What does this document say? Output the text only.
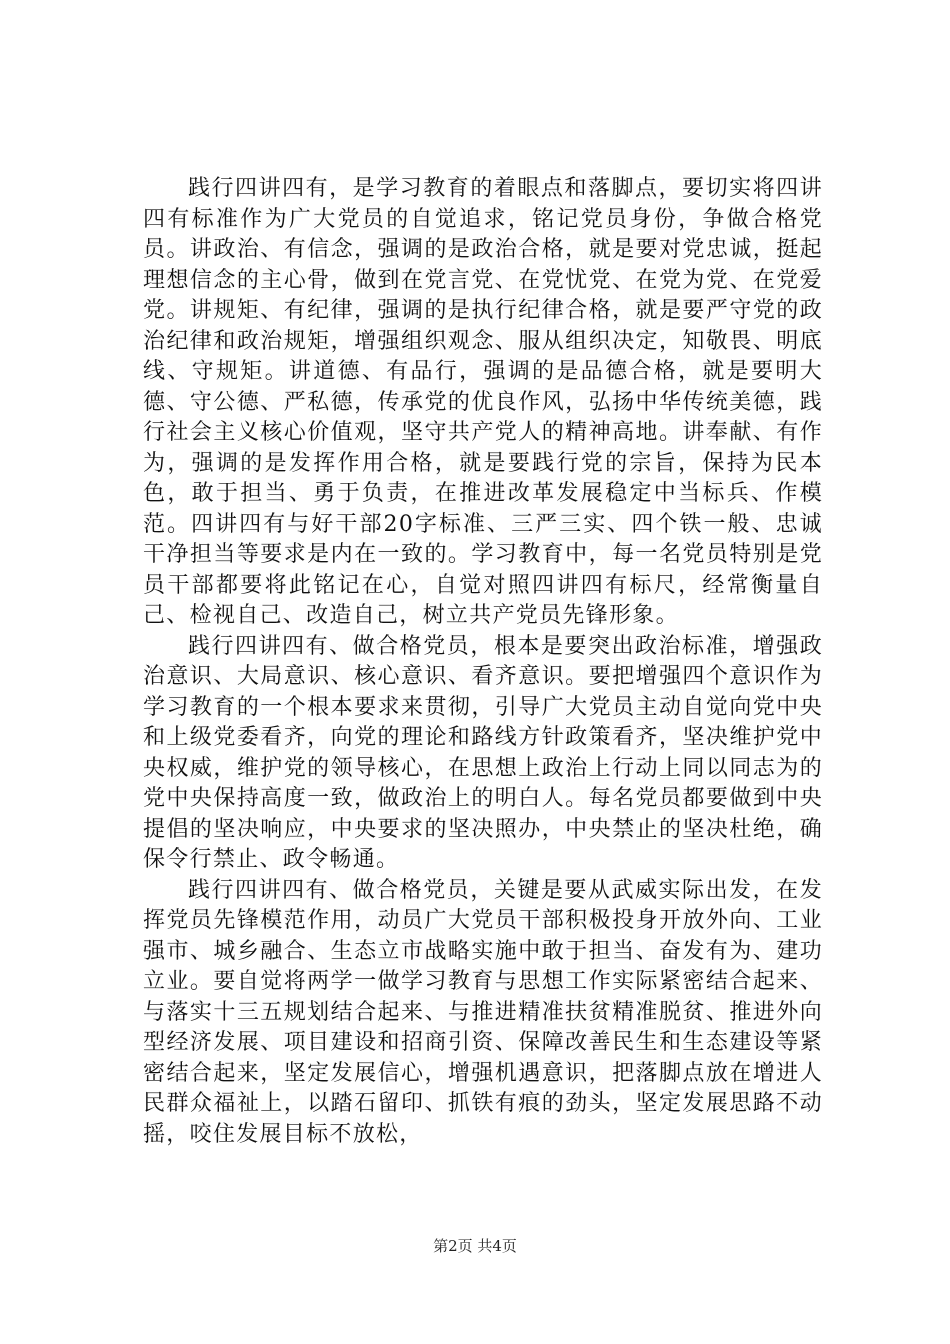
践行四讲四有，是学习教育的着眼点和落脚点，要切实将四讲四有标准作为广大党员的自觉追求，铭记党员身份，争做合格党员。讲政治、有信念，强调的是政治合格，就是要对党忠诚，挺起理想信念的主心骨，做到在党言党、在党忧党、在党为党、在党爱党。讲规矩、有纪律，强调的是执行纪律合格，就是要严守党的政治纪律和政治规矩，增强组织观念、服从组织决定，知敬畏、明底线、守规矩。讲道德、有品行，强调的是品德合格，就是要明大德、守公德、严私德，传承党的优良作风，弘扬中华传统美德，践行社会主义核心价值观，坚守共产党人的精神高地。讲奉献、有作为，强调的是发挥作用合格，就是要践行党的宗旨，保持为民本色，敢于担当、勇于负责，在推进改革发展稳定中当标兵、作模范。四讲四有与好干部20字标准、三严三实、四个铁一般、忠诚干净担当等要求是内在一致的。学习教育中，每一名党员特别是党员干部都要将此铭记在心，自觉对照四讲四有标尺，经常衡量自己、检视自己、改造自己，树立共产党员先锋形象。

践行四讲四有、做合格党员，根本是要突出政治标准，增强政治意识、大局意识、核心意识、看齐意识。要把增强四个意识作为学习教育的一个根本要求来贯彻，引导广大党员主动自觉向党中央和上级党委看齐，向党的理论和路线方针政策看齐，坚决维护党中央权威，维护党的领导核心，在思想上政治上行动上同以同志为的党中央保持高度一致，做政治上的明白人。每名党员都要做到中央提倡的坚决响应，中央要求的坚决照办，中央禁止的坚决杜绝，确保令行禁止、政令畅通。

践行四讲四有、做合格党员，关键是要从武威实际出发，在发挥党员先锋模范作用，动员广大党员干部积极投身开放外向、工业强市、城乡融合、生态立市战略实施中敢于担当、奋发有为、建功立业。要自觉将两学一做学习教育与思想工作实际紧密结合起来、与落实十三五规划结合起来、与推进精准扶贫精准脱贫、推进外向型经济发展、项目建设和招商引资、保障改善民生和生态建设等紧密结合起来，坚定发展信心，增强机遇意识，把落脚点放在增进人民群众福祉上，以踏石留印、抓铁有痕的劲头，坚定发展思路不动摇，咬住发展目标不放松，

第2页 共4页
